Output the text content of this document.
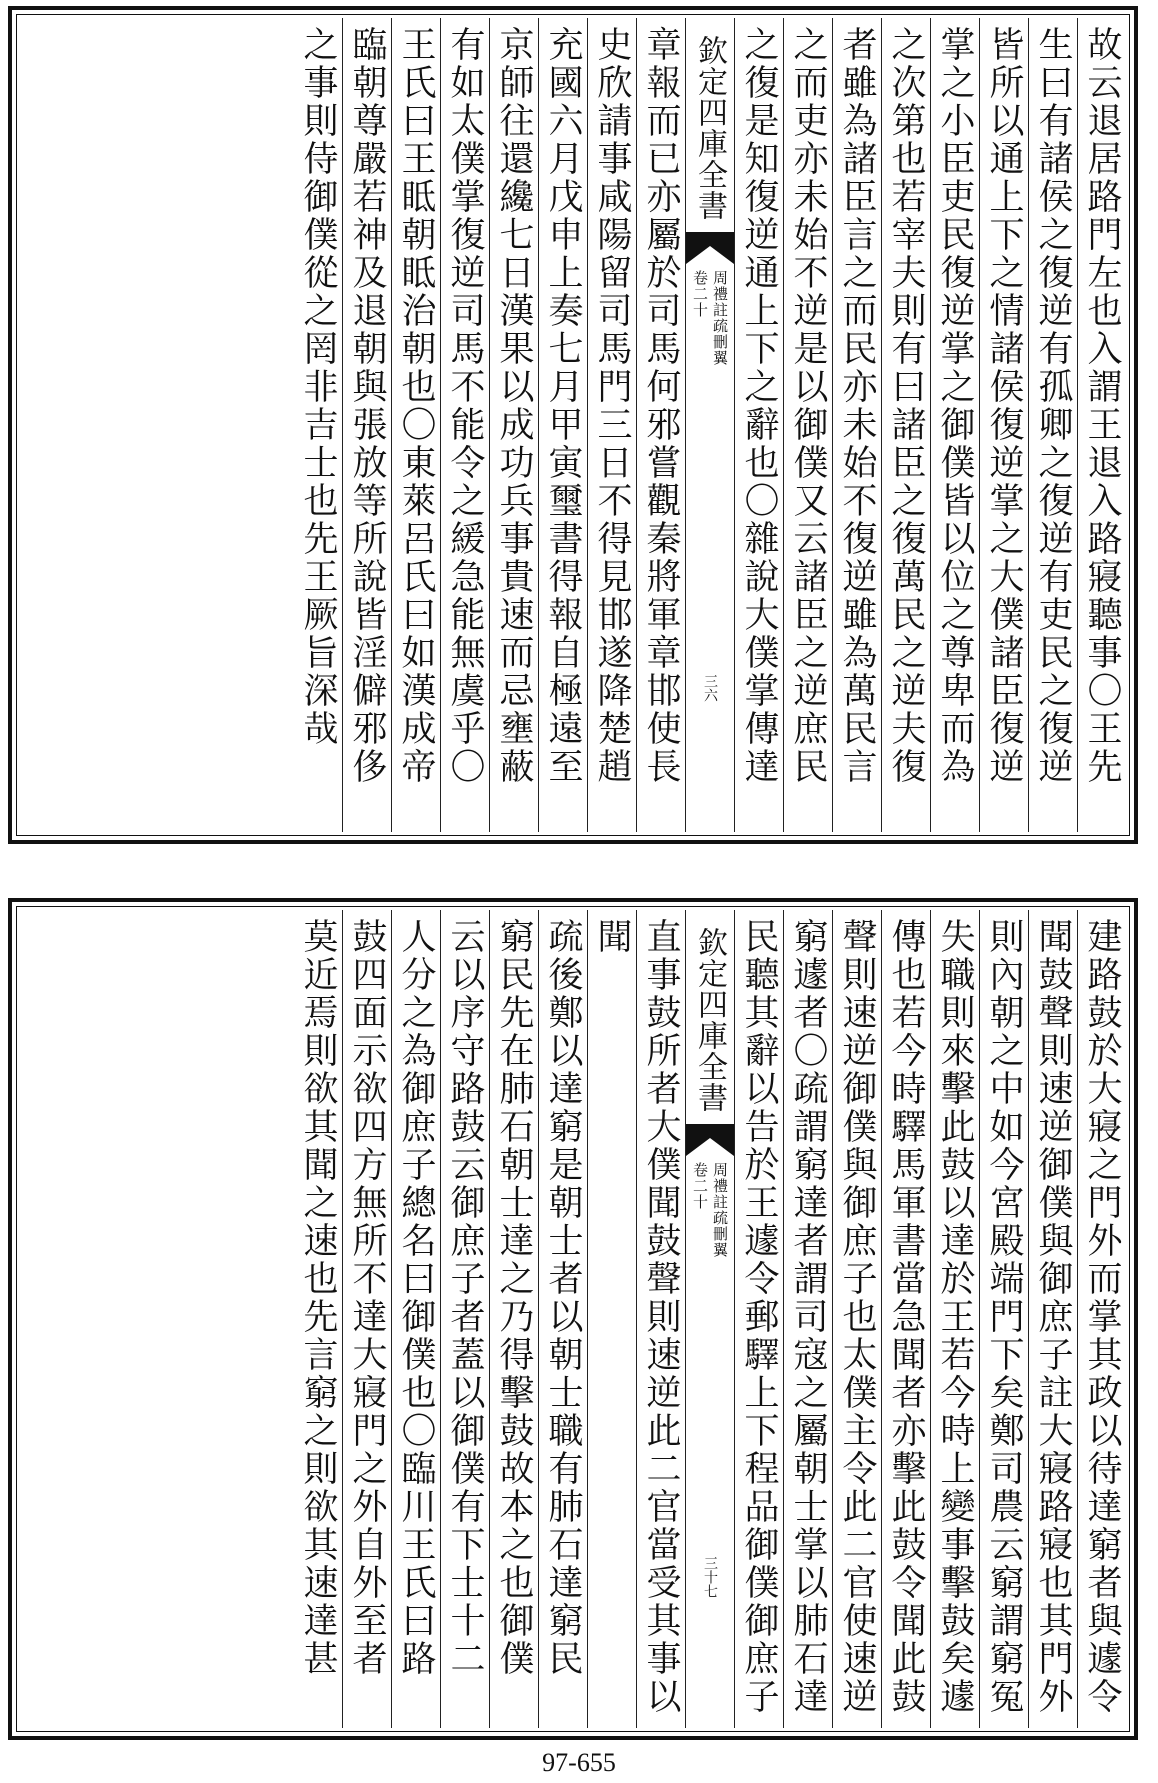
故云退居路門左也入謂王退入路寢聽事〇王先
生曰有諸侯之復逆有孤卿之復逆有吏民之復逆
皆所以通上下之情諸侯復逆掌之大僕諸臣復逆
掌之小臣吏民復逆掌之御僕皆以位之尊卑而為
之次第也若宰夫則有曰諸臣之復萬民之逆夫復
者雖為諸臣言之而民亦未始不復逆雖為萬民言
之而吏亦未始不逆是以御僕又云諸臣之逆庶民
之復是知復逆通上下之辭也〇雜說大僕掌傳達
欽定四庫全書
周禮註疏刪翼
卷二十
三六
章報而已亦屬於司馬何邪嘗觀秦將軍章邯使長
史欣請事咸陽留司馬門三日不得見邯遂降楚趙
充國六月戊申上奏七月甲寅璽書得報自極遠至
京師往還纔七日漢果以成功兵事貴速而忌壅蔽
有如太僕掌復逆司馬不能令之緩急能無虞乎〇
王氏曰王眡朝眡治朝也〇東萊呂氏曰如漢成帝
臨朝尊嚴若神及退朝與張放等所說皆淫僻邪侈
之事則侍御僕從之罔非吉士也先王厥旨深哉
建路鼓於大寢之門外而掌其政以待達窮者與遽令
聞鼓聲則速逆御僕與御庶子註大寢路寢也其門外
則內朝之中如今宮殿端門下矣鄭司農云窮謂窮冤
失職則來擊此鼓以達於王若今時上變事擊鼓矣遽
傳也若今時驛馬軍書當急聞者亦擊此鼓令聞此鼓
聲則速逆御僕與御庶子也太僕主令此二官使速逆
窮遽者〇疏謂窮達者謂司寇之屬朝士掌以肺石達
民聽其辭以告於王遽令郵驛上下程品御僕御庶子
欽定四庫全書
周禮註疏刪翼
卷二十
三十七
直事鼓所者大僕聞鼓聲則速逆此二官當受其事以
聞
疏後鄭以達窮是朝士者以朝士職有肺石達窮民
窮民先在肺石朝士達之乃得擊鼓故本之也御僕
云以序守路鼓云御庶子者蓋以御僕有下士十二
人分之為御庶子總名曰御僕也〇臨川王氏曰路
鼓四面示欲四方無所不達大寢門之外自外至者
莫近焉則欲其聞之速也先言窮之則欲其速達甚
97-655
